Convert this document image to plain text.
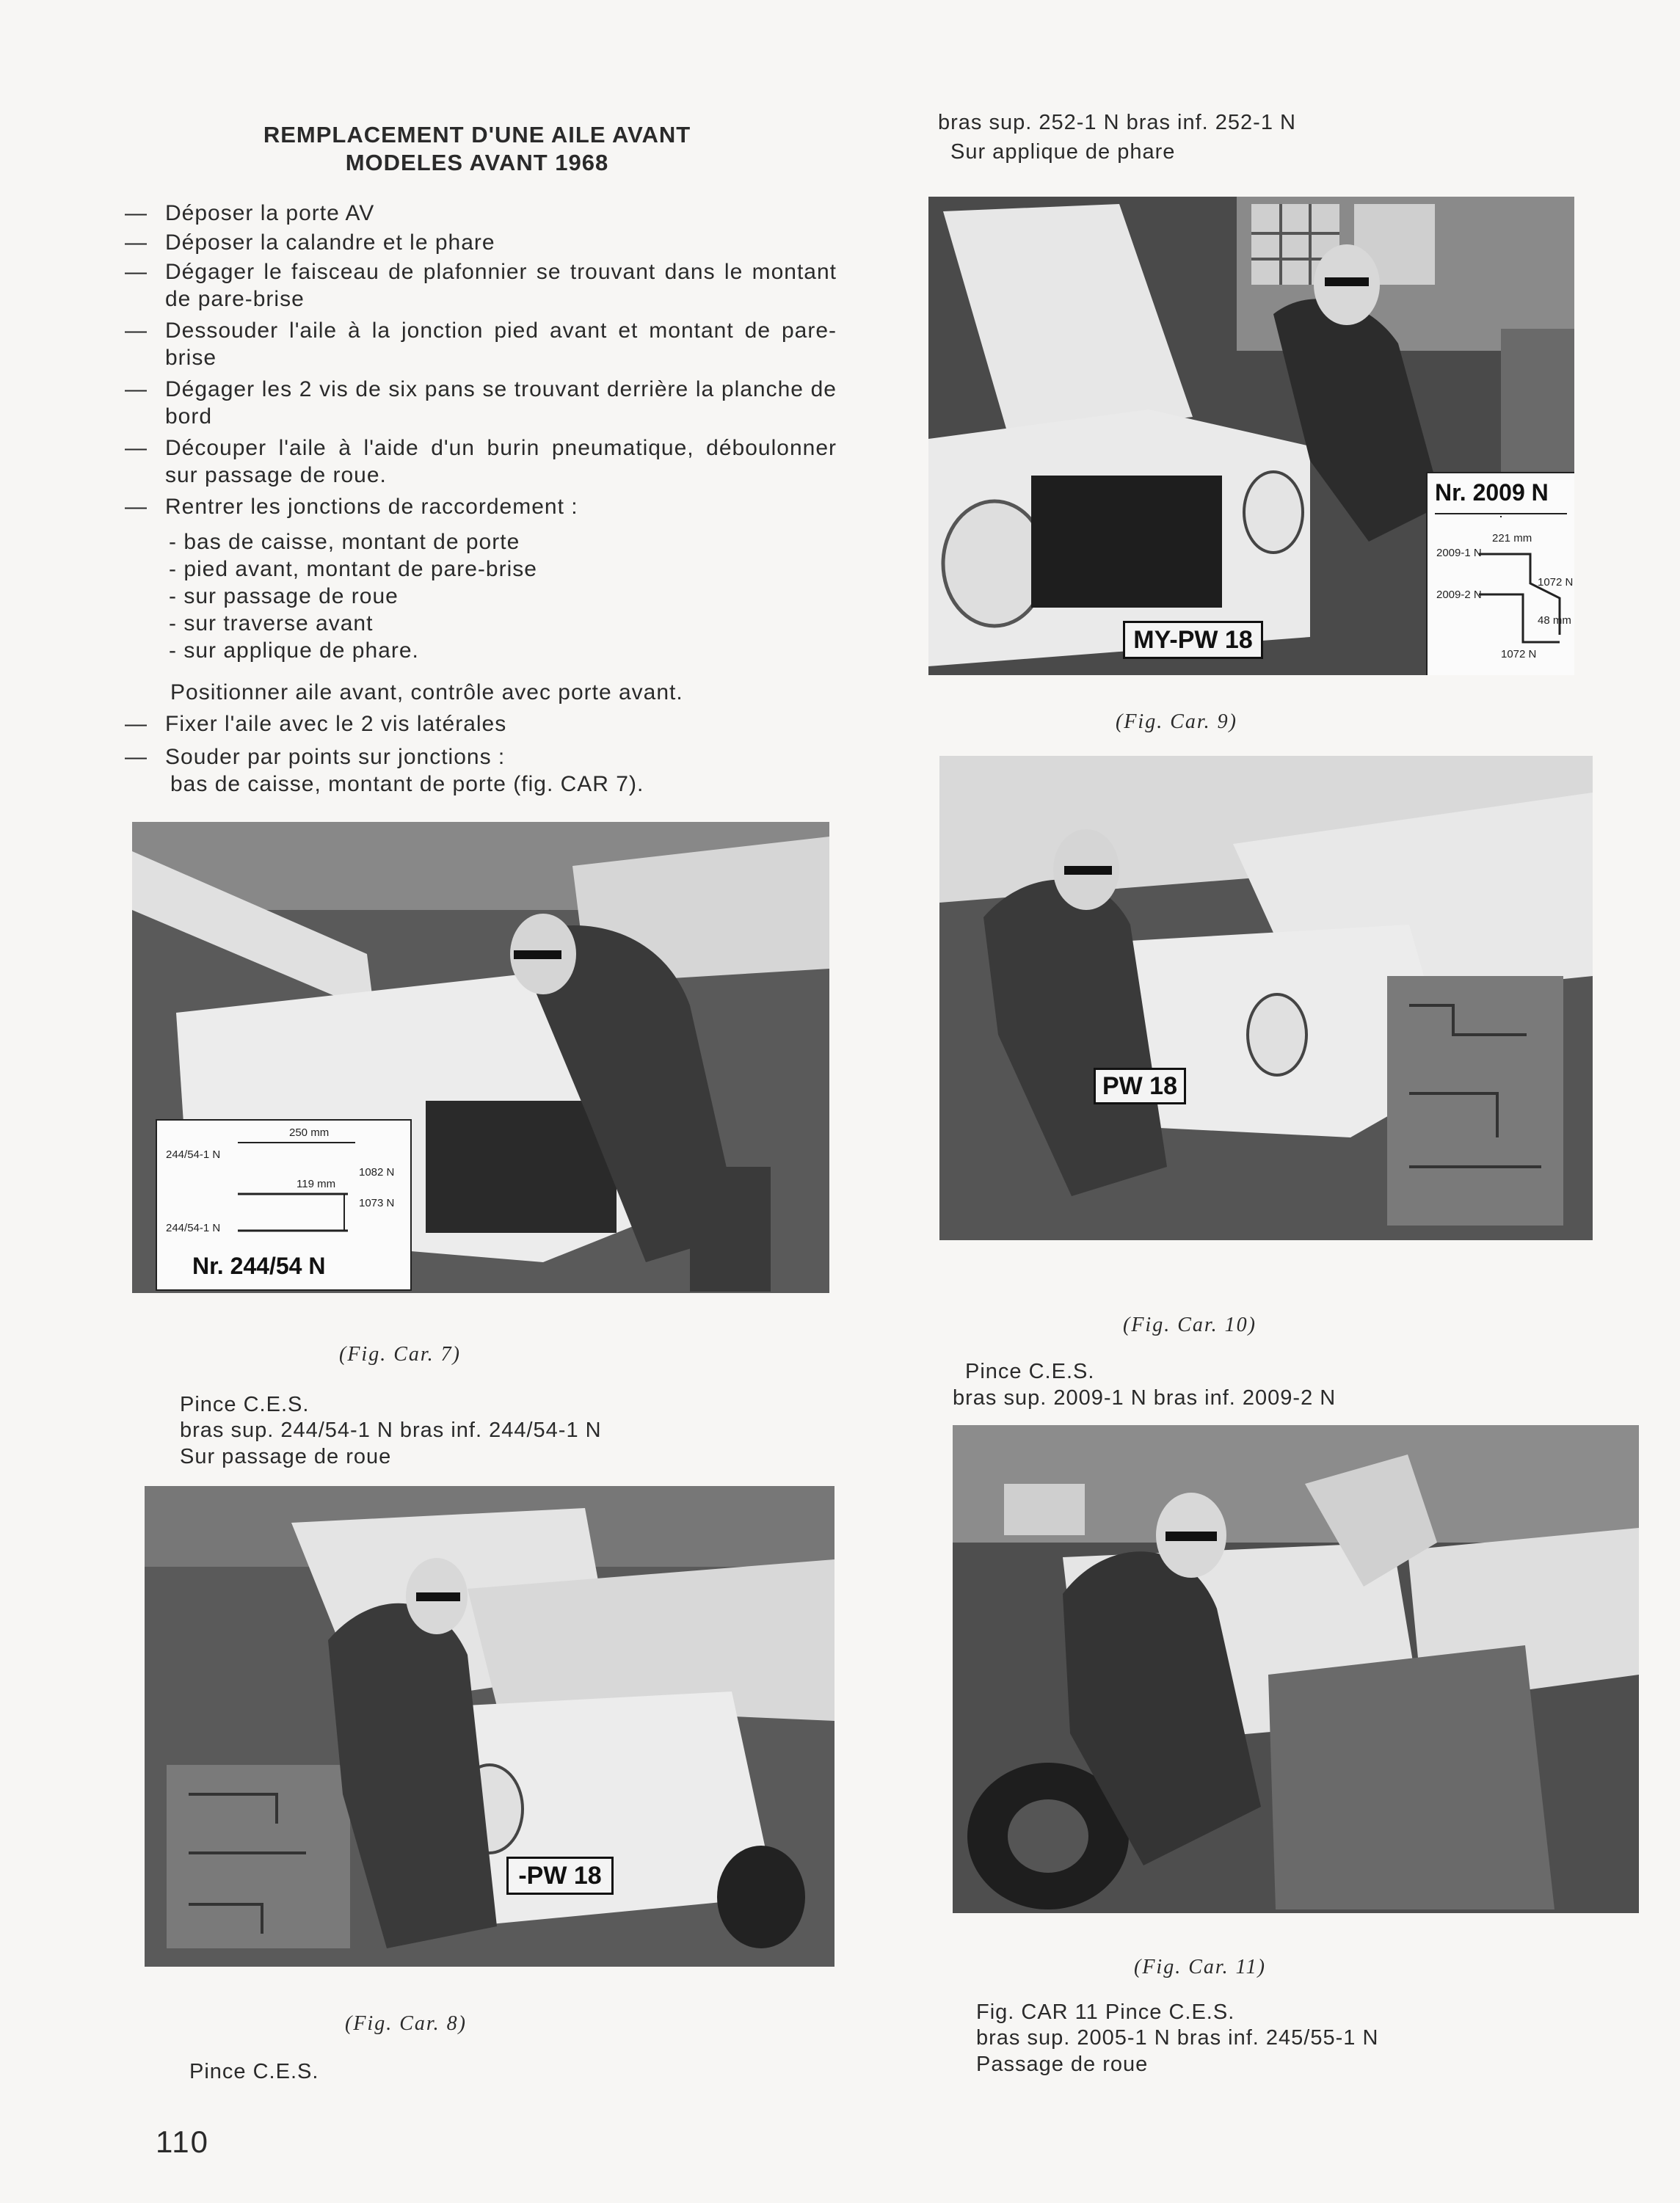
REMPLACEMENT D'UNE AILE AVANT
MODELES AVANT 1968
— Déposer la porte AV
— Déposer la calandre et le phare
— Dégager le faisceau de plafonnier se trouvant dans le montant de pare-brise
— Dessouder l'aile à la jonction pied avant et montant de pare-brise
— Dégager les 2 vis de six pans se trouvant derrière la planche de bord
— Découper l'aile à l'aide d'un burin pneumatique, déboulonner sur passage de roue.
— Rentrer les jonctions de raccordement :
- bas de caisse, montant de porte
- pied avant, montant de pare-brise
- sur passage de roue
- sur traverse avant
- sur applique de phare.
Positionner aile avant, contrôle avec porte avant.
— Fixer l'aile avec le 2 vis latérales
— Souder par points sur jonctions :
bas de caisse, montant de porte (fig. CAR 7).
bras sup. 252-1 N bras inf. 252-1 N
Sur applique de phare
MY-PW 18
Nr. 2009 N
2009-1 N
2009-2 N
221 mm
1072 N
48 mm
1072 N
(Fig. Car. 9)
244/54-1 N
244/54-1 N
250 mm
119 mm
1082 N
1073 N
Nr. 244/54 N
PW 18
(Fig. Car. 10)
Pince C.E.S.
bras sup. 2009-1 N bras inf. 2009-2 N
(Fig. Car. 7)
Pince C.E.S.
bras sup. 244/54-1 N bras inf. 244/54-1 N
Sur passage de roue
-PW 18
(Fig. Car. 11)
Fig. CAR 11 Pince C.E.S.
bras sup. 2005-1 N bras inf. 245/55-1 N
Passage de roue
(Fig. Car. 8)
Pince C.E.S.
110
